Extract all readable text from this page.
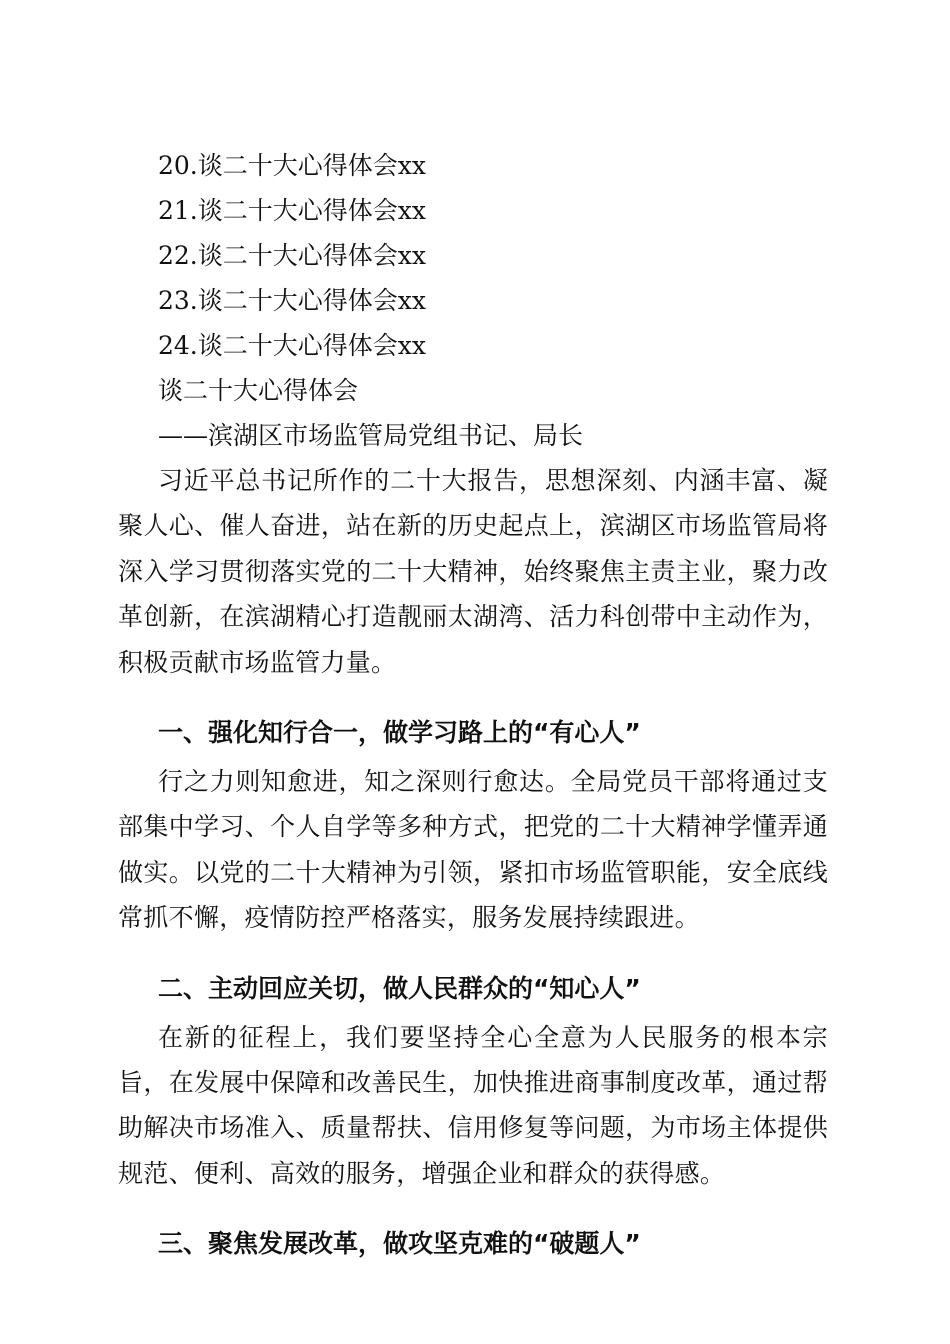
20.谈二十大心得体会xx
21.谈二十大心得体会xx
22.谈二十大心得体会xx
23.谈二十大心得体会xx
24.谈二十大心得体会xx
谈二十大心得体会
——滨湖区市场监管局党组书记、局长

习近平总书记所作的二十大报告，思想深刻、内涵丰富、凝聚人心、催人奋进，站在新的历史起点上，滨湖区市场监管局将深入学习贯彻落实党的二十大精神，始终聚焦主责主业，聚力改革创新，在滨湖精心打造靓丽太湖湾、活力科创带中主动作为，积极贡献市场监管力量。

一、强化知行合一，做学习路上的“有心人”

行之力则知愈进，知之深则行愈达。全局党员干部将通过支部集中学习、个人自学等多种方式，把党的二十大精神学懂弄通做实。以党的二十大精神为引领，紧扣市场监管职能，安全底线常抓不懈，疫情防控严格落实，服务发展持续跟进。

二、主动回应关切，做人民群众的“知心人”

在新的征程上，我们要坚持全心全意为人民服务的根本宗旨，在发展中保障和改善民生，加快推进商事制度改革，通过帮助解决市场准入、质量帮扶、信用修复等问题，为市场主体提供规范、便利、高效的服务，增强企业和群众的获得感。

三、聚焦发展改革，做攻坚克难的“破题人”
